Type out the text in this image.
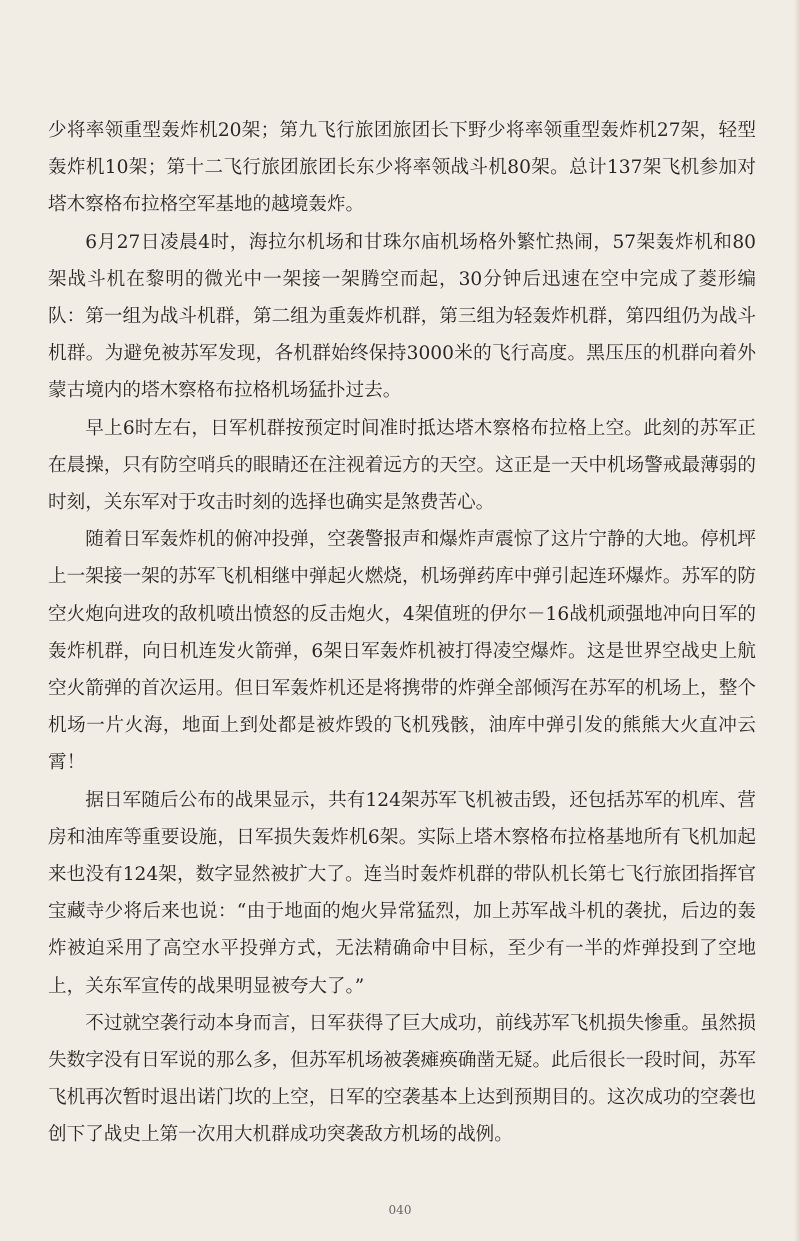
少将率领重型轰炸机20架；第九飞行旅团旅团长下野少将率领重型轰炸机27架，轻型轰炸机10架；第十二飞行旅团旅团长东少将率领战斗机80架。总计137架飞机参加对塔木察格布拉格空军基地的越境轰炸。

6月27日凌晨4时，海拉尔机场和甘珠尔庙机场格外繁忙热闹，57架轰炸机和80架战斗机在黎明的微光中一架接一架腾空而起，30分钟后迅速在空中完成了菱形编队：第一组为战斗机群，第二组为重轰炸机群，第三组为轻轰炸机群，第四组仍为战斗机群。为避免被苏军发现，各机群始终保持3000米的飞行高度。黑压压的机群向着外蒙古境内的塔木察格布拉格机场猛扑过去。

早上6时左右，日军机群按预定时间准时抵达塔木察格布拉格上空。此刻的苏军正在晨操，只有防空哨兵的眼睛还在注视着远方的天空。这正是一天中机场警戒最薄弱的时刻，关东军对于攻击时刻的选择也确实是煞费苦心。

随着日军轰炸机的俯冲投弹，空袭警报声和爆炸声震惊了这片宁静的大地。停机坪上一架接一架的苏军飞机相继中弹起火燃烧，机场弹药库中弹引起连环爆炸。苏军的防空火炮向进攻的敌机喷出愤怒的反击炮火，4架值班的伊尔－16战机顽强地冲向日军的轰炸机群，向日机连发火箭弹，6架日军轰炸机被打得凌空爆炸。这是世界空战史上航空火箭弹的首次运用。但日军轰炸机还是将携带的炸弹全部倾泻在苏军的机场上，整个机场一片火海，地面上到处都是被炸毁的飞机残骸，油库中弹引发的熊熊大火直冲云霄！

据日军随后公布的战果显示，共有124架苏军飞机被击毁，还包括苏军的机库、营房和油库等重要设施，日军损失轰炸机6架。实际上塔木察格布拉格基地所有飞机加起来也没有124架，数字显然被扩大了。连当时轰炸机群的带队机长第七飞行旅团指挥官宝藏寺少将后来也说：“由于地面的炮火异常猛烈，加上苏军战斗机的袭扰，后边的轰炸被迫采用了高空水平投弹方式，无法精确命中目标，至少有一半的炸弹投到了空地上，关东军宣传的战果明显被夸大了。”

不过就空袭行动本身而言，日军获得了巨大成功，前线苏军飞机损失惨重。虽然损失数字没有日军说的那么多，但苏军机场被袭瘫痪确凿无疑。此后很长一段时间，苏军飞机再次暂时退出诺门坎的上空，日军的空袭基本上达到预期目的。这次成功的空袭也创下了战史上第一次用大机群成功突袭敌方机场的战例。

040
